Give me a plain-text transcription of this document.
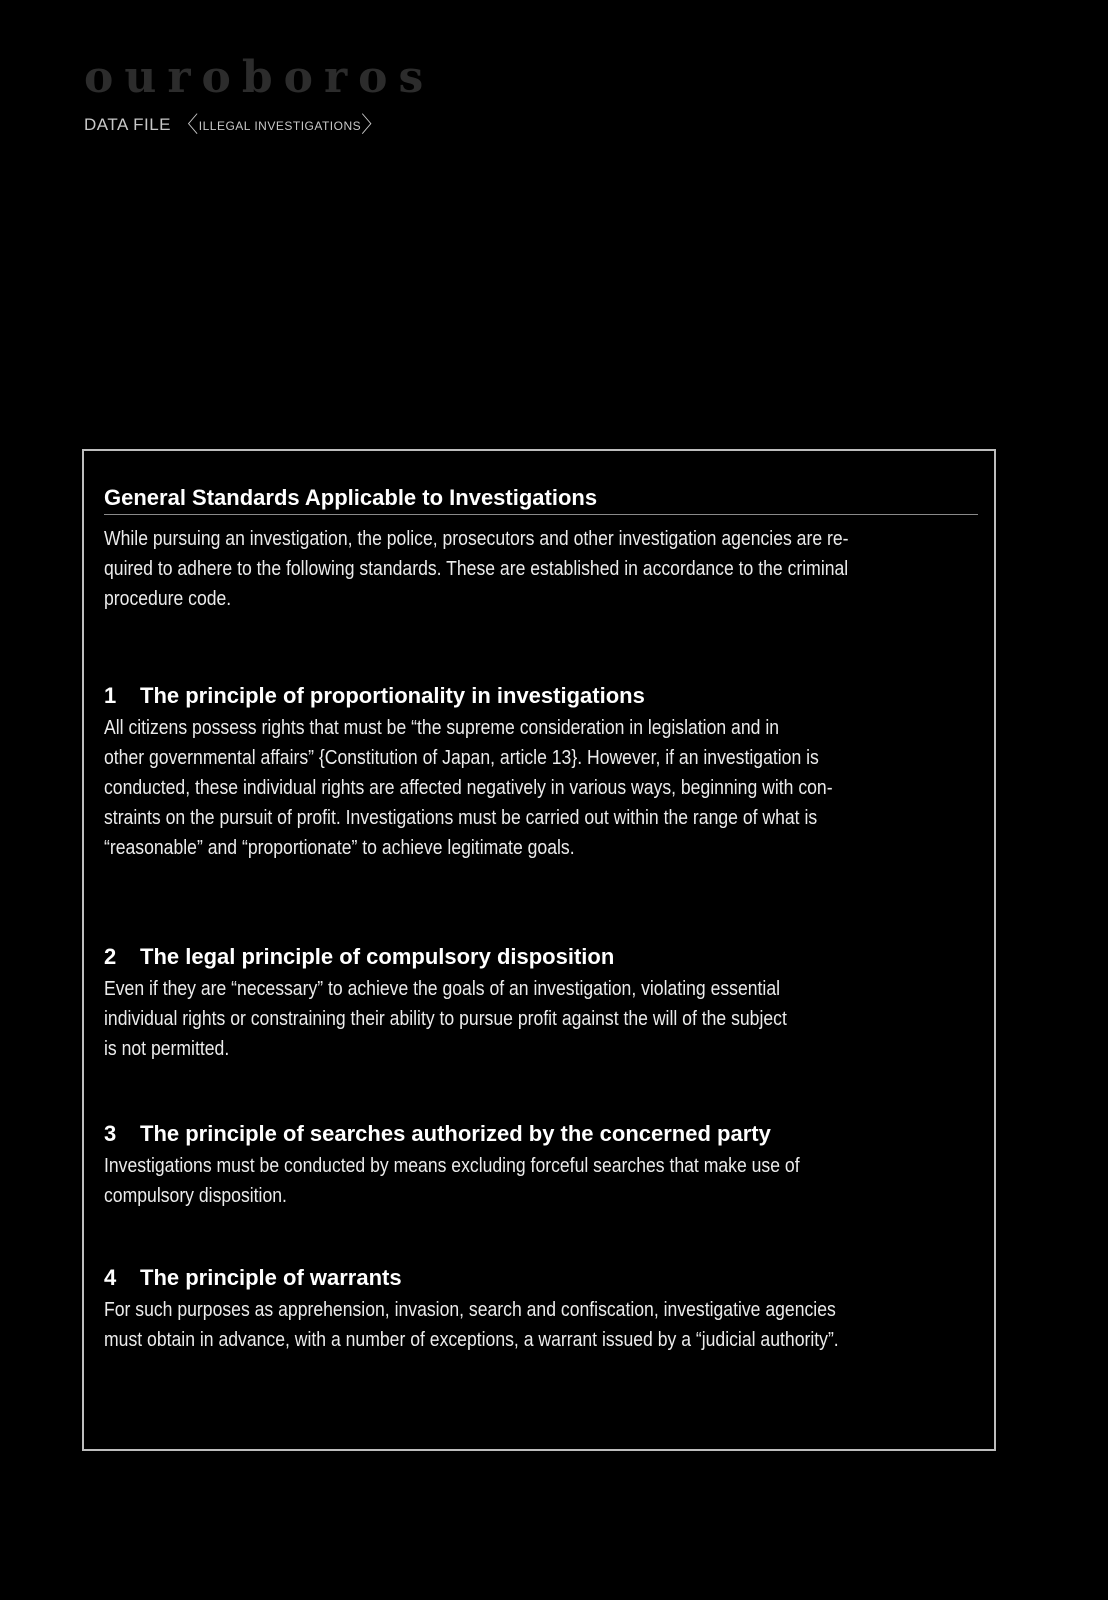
ouroboros
DATA FILE 〈ILLEGAL INVESTIGATIONS〉
General Standards Applicable to Investigations
While pursuing an investigation, the police, prosecutors and other investigation agencies are re-
quired to adhere to the following standards. These are established in accordance to the criminal
procedure code.
1 The principle of proportionality in investigations
All citizens possess rights that must be “the supreme consideration in legislation and in
other governmental affairs” {Constitution of Japan, article 13}. However, if an investigation is
conducted, these individual rights are affected negatively in various ways, beginning with con-
straints on the pursuit of profit. Investigations must be carried out within the range of what is
“reasonable” and “proportionate” to achieve legitimate goals.
2 The legal principle of compulsory disposition
Even if they are “necessary” to achieve the goals of an investigation, violating essential
individual rights or constraining their ability to pursue profit against the will of the subject
is not permitted.
3 The principle of searches authorized by the concerned party
Investigations must be conducted by means excluding forceful searches that make use of
compulsory disposition.
4 The principle of warrants
For such purposes as apprehension, invasion, search and confiscation, investigative agencies
must obtain in advance, with a number of exceptions, a warrant issued by a “judicial authority”.
